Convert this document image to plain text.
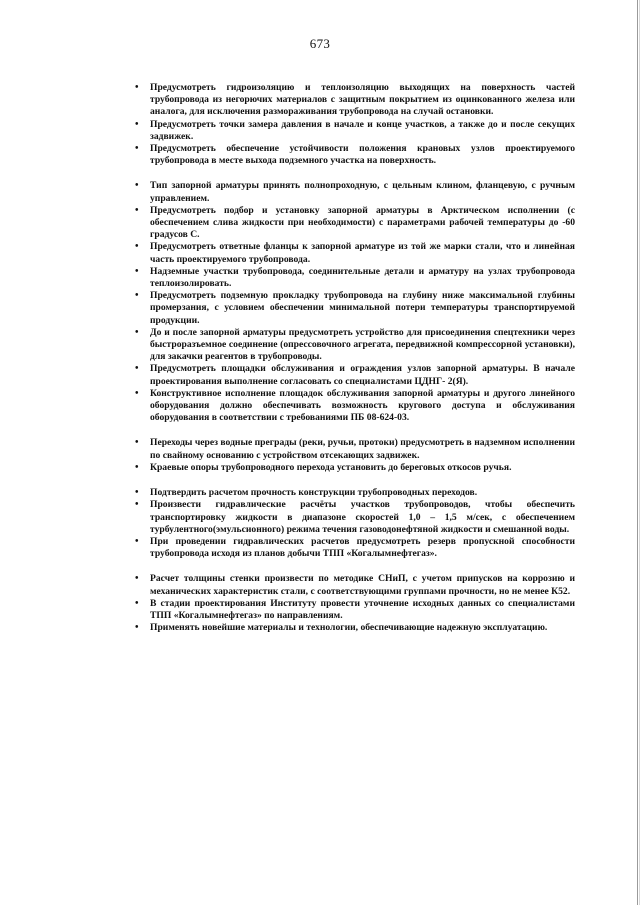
673
• Предусмотреть гидроизоляцию и теплоизоляцию выходящих на поверхность частей трубопровода из негорючих материалов с защитным покрытием из оцинкованного железа или аналога, для исключения размораживания трубопровода на случай остановки.
• Предусмотреть точки замера давления в начале и конце участков, а также до и после секущих задвижек.
• Предусмотреть обеспечение устойчивости положения крановых узлов проектируемого трубопровода в месте выхода подземного участка на поверхность.
• Тип запорной арматуры принять полнопроходную, с цельным клином, фланцевую, с ручным управлением.
• Предусмотреть подбор и установку запорной арматуры в Арктическом исполнении (с обеспечением слива жидкости при необходимости) с параметрами рабочей температуры до -60 градусов С.
• Предусмотреть ответные фланцы к запорной арматуре из той же марки стали, что и линейная часть проектируемого трубопровода.
• Надземные участки трубопровода, соединительные детали и арматуру на узлах трубопровода теплоизолировать.
• Предусмотреть подземную прокладку трубопровода на глубину ниже максимальной глубины промерзания, с условием обеспечении минимальной потери температуры транспортируемой продукции.
• До и после запорной арматуры предусмотреть устройство для присоединения спецтехники через быстроразъемное соединение (опрессовочного агрегата, передвижной компрессорной установки), для закачки реагентов в трубопроводы.
• Предусмотреть площадки обслуживания и ограждения узлов запорной арматуры. В начале проектирования выполнение согласовать со специалистами ЦДНГ- 2(Я).
• Конструктивное исполнение площадок обслуживания запорной арматуры и другого линейного оборудования должно обеспечивать возможность кругового доступа и обслуживания оборудования в соответствии с требованиями ПБ 08-624-03.
• Переходы через водные преграды (реки, ручьи, протоки) предусмотреть в надземном исполнении по свайному основанию с устройством отсекающих задвижек.
• Краевые опоры трубопроводного перехода установить до береговых откосов ручья.
• Подтвердить расчетом прочность конструкции трубопроводных переходов.
• Произвести гидравлические расчёты участков трубопроводов, чтобы обеспечить транспортировку жидкости в диапазоне скоростей 1,0 – 1,5 м/сек, с обеспечением турбулентного(эмульсионного) режима течения газоводонефтяной жидкости и смешанной воды.
• При проведении гидравлических расчетов предусмотреть резерв пропускной способности трубопровода исходя из планов добычи ТПП «Когалымнефтегаз».
• Расчет толщины стенки произвести по методике СНиП, с учетом припусков на коррозию и механических характеристик стали, с соответствующими группами прочности, но не менее К52.
• В стадии проектирования Институту провести уточнение исходных данных со специалистами ТПП «Когалымнефтегаз» по направлениям.
• Применять новейшие материалы и технологии, обеспечивающие надежную эксплуатацию.
